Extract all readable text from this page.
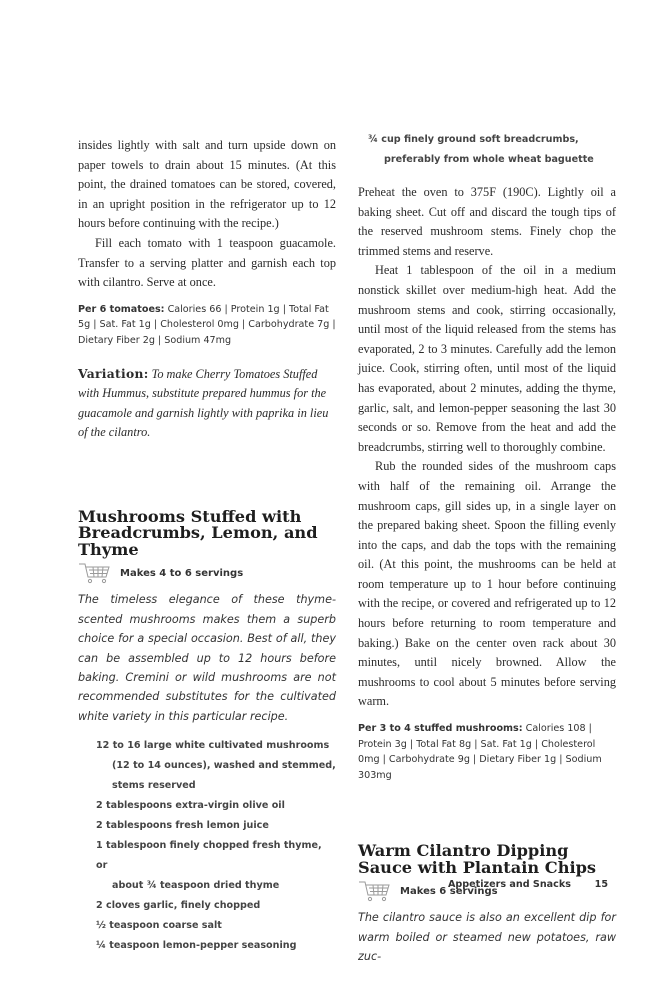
insides lightly with salt and turn upside down on paper towels to drain about 15 minutes. (At this point, the drained tomatoes can be stored, covered, in an upright position in the refrigerator up to 12 hours before continuing with the recipe.)

Fill each tomato with 1 teaspoon guacamole. Transfer to a serving platter and garnish each top with cilantro. Serve at once.

Per 6 tomatoes: Calories 66 | Protein 1g | Total Fat 5g | Sat. Fat 1g | Cholesterol 0mg | Carbohydrate 7g | Dietary Fiber 2g | Sodium 47mg

Variation: To make Cherry Tomatoes Stuffed with Hummus, substitute prepared hummus for the guacamole and garnish lightly with paprika in lieu of the cilantro.

Mushrooms Stuffed with Breadcrumbs, Lemon, and Thyme
Makes 4 to 6 servings

The timeless elegance of these thyme-scented mushrooms makes them a superb choice for a special occasion. Best of all, they can be assembled up to 12 hours before baking. Cremini or wild mushrooms are not recommended substitutes for the cultivated white variety in this particular recipe.

12 to 16 large white cultivated mushrooms
(12 to 14 ounces), washed and stemmed, stems reserved
2 tablespoons extra-virgin olive oil
2 tablespoons fresh lemon juice
1 tablespoon finely chopped fresh thyme, or
about ¾ teaspoon dried thyme
2 cloves garlic, finely chopped
½ teaspoon coarse salt
¼ teaspoon lemon-pepper seasoning
¾ cup finely ground soft breadcrumbs,
preferably from whole wheat baguette

Preheat the oven to 375F (190C). Lightly oil a baking sheet. Cut off and discard the tough tips of the reserved mushroom stems. Finely chop the trimmed stems and reserve.

Heat 1 tablespoon of the oil in a medium nonstick skillet over medium-high heat. Add the mushroom stems and cook, stirring occasionally, until most of the liquid released from the stems has evaporated, 2 to 3 minutes. Carefully add the lemon juice. Cook, stirring often, until most of the liquid has evaporated, about 2 minutes, adding the thyme, garlic, salt, and lemon-pepper seasoning the last 30 seconds or so. Remove from the heat and add the breadcrumbs, stirring well to thoroughly combine.

Rub the rounded sides of the mushroom caps with half of the remaining oil. Arrange the mushroom caps, gill sides up, in a single layer on the prepared baking sheet. Spoon the filling evenly into the caps, and dab the tops with the remaining oil. (At this point, the mushrooms can be held at room temperature up to 1 hour before continuing with the recipe, or covered and refrigerated up to 12 hours before returning to room temperature and baking.) Bake on the center oven rack about 30 minutes, until nicely browned. Allow the mushrooms to cool about 5 minutes before serving warm.

Per 3 to 4 stuffed mushrooms: Calories 108 | Protein 3g | Total Fat 8g | Sat. Fat 1g | Cholesterol 0mg | Carbohydrate 9g | Dietary Fiber 1g | Sodium 303mg

Warm Cilantro Dipping Sauce with Plantain Chips
Makes 6 servings

The cilantro sauce is also an excellent dip for warm boiled or steamed new potatoes, raw zuc-

Appetizers and Snacks 15
